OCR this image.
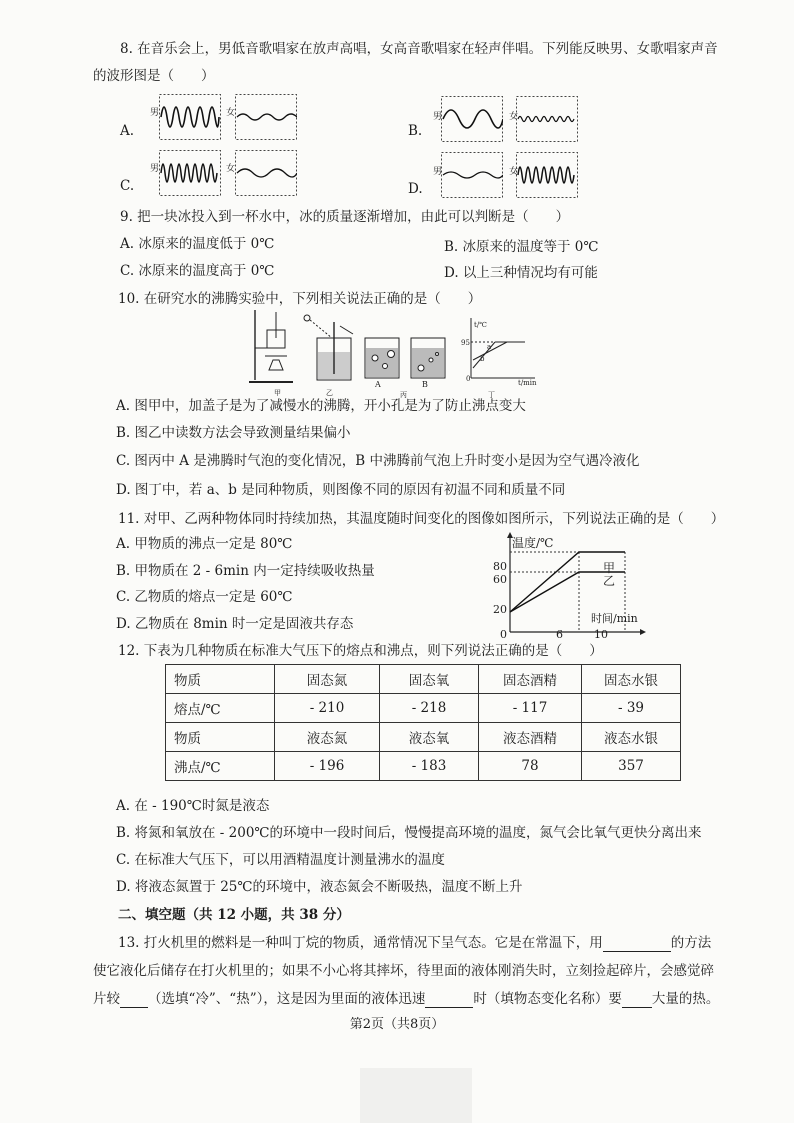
8. 在音乐会上，男低音歌唱家在放声高唱，女高音歌唱家在轻声伴唱。下列能反映男、女歌唱家声音
的波形图是（　　）
A.
男	女
B.
男	女
C.
男	女
D.
男	女
9. 把一块冰投入到一杯水中，冰的质量逐渐增加，由此可以判断是（　　）
A. 冰原来的温度低于 0℃	B. 冰原来的温度等于 0℃
C. 冰原来的温度高于 0℃	D. 以上三种情况均有可能
10. 在研究水的沸腾实验中，下列相关说法正确的是（　　）
甲	乙
A	B
丙	丁
t/℃
95 a
b
0	t/min
A. 图甲中，加盖子是为了减慢水的沸腾，开小孔是为了防止沸点变大
B. 图乙中读数方法会导致测量结果偏小
C. 图丙中 A 是沸腾时气泡的变化情况，B 中沸腾前气泡上升时变小是因为空气遇冷液化
D. 图丁中，若 a、b 是同种物质，则图像不同的原因有初温不同和质量不同
11. 对甲、乙两种物体同时持续加热，其温度随时间变化的图像如图所示，下列说法正确的是（　　）
A. 甲物质的沸点一定是 80℃
B. 甲物质在 2 - 6min 内一定持续吸收热量
C. 乙物质的熔点一定是 60℃
D. 乙物质在 8min 时一定是固液共存态
温度/℃
时间/min
甲
乙
80
60
20
0	6	10
12. 下表为几种物质在标准大气压下的熔点和沸点，则下列说法正确的是（　　）
物质	固态氮	固态氧	固态酒精	固态水银
熔点/℃	- 210	- 218	- 117	- 39
物质	液态氮	液态氧	液态酒精	液态水银
沸点/℃	- 196	- 183	78	357
A. 在 - 190℃时氮是液态
B. 将氮和氧放在 - 200℃的环境中一段时间后，慢慢提高环境的温度，氮气会比氧气更快分离出来
C. 在标准大气压下，可以用酒精温度计测量沸水的温度
D. 将液态氮置于 25℃的环境中，液态氮会不断吸热，温度不断上升
二、填空题（共 12 小题，共 38 分）
13. 打火机里的燃料是一种叫丁烷的物质，通常情况下呈气态。它是在常温下，用	的方法
使它液化后储存在打火机里的；如果不小心将其摔坏，待里面的液体刚消失时，立刻捡起碎片，会感觉碎
片较 （选填“冷”、“热”），这是因为里面的液体迅速	时（填物态变化名称）要 大量的热。
第2页（共8页）
